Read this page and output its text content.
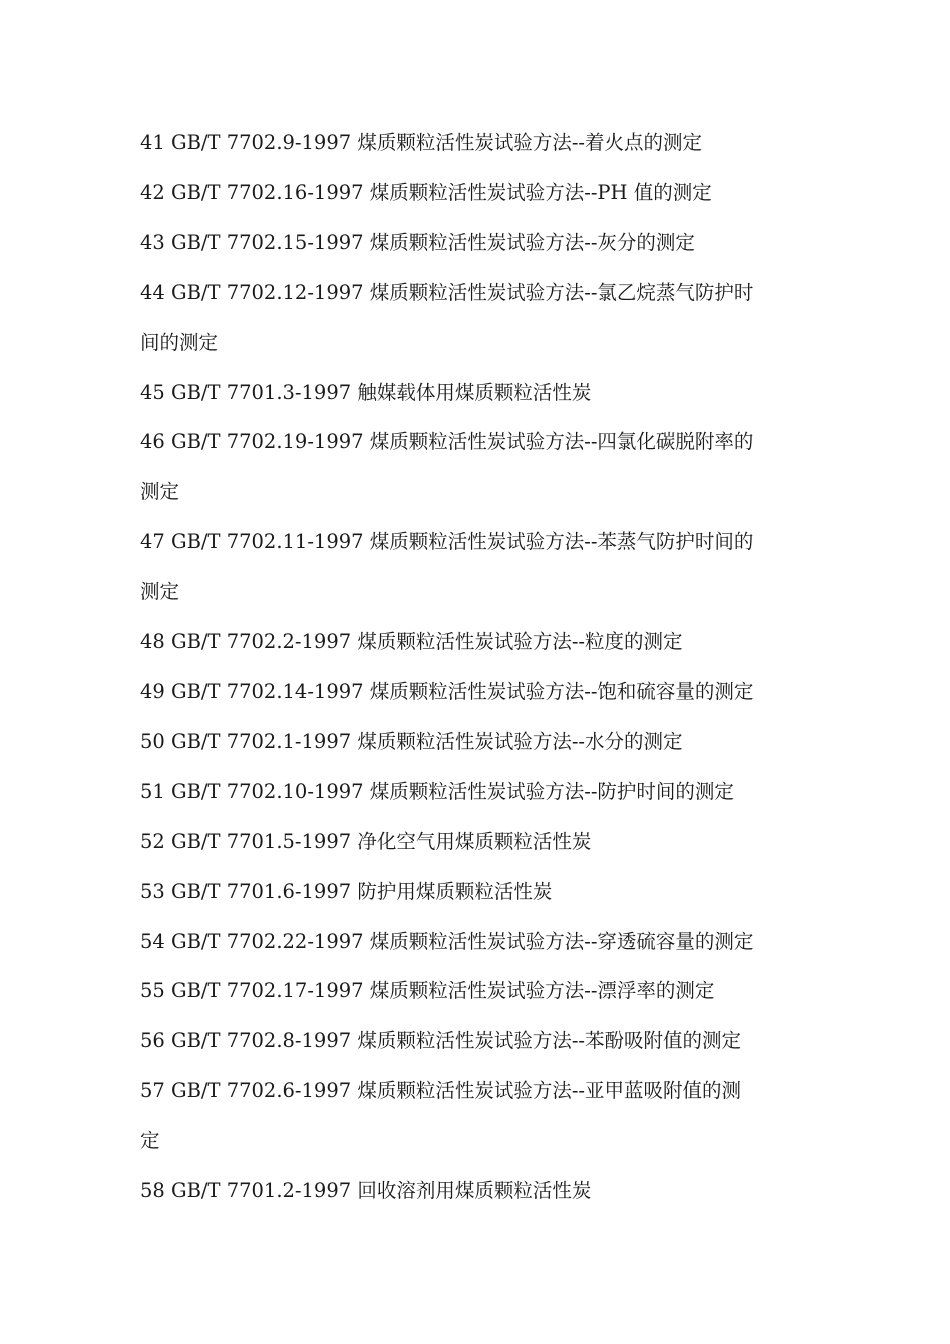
41 GB/T 7702.9-1997 煤质颗粒活性炭试验方法--着火点的测定
42 GB/T 7702.16-1997 煤质颗粒活性炭试验方法--PH 值的测定
43 GB/T 7702.15-1997 煤质颗粒活性炭试验方法--灰分的测定
44 GB/T 7702.12-1997 煤质颗粒活性炭试验方法--氯乙烷蒸气防护时
间的测定
45 GB/T 7701.3-1997 触媒载体用煤质颗粒活性炭
46 GB/T 7702.19-1997 煤质颗粒活性炭试验方法--四氯化碳脱附率的
测定
47 GB/T 7702.11-1997 煤质颗粒活性炭试验方法--苯蒸气防护时间的
测定
48 GB/T 7702.2-1997 煤质颗粒活性炭试验方法--粒度的测定
49 GB/T 7702.14-1997 煤质颗粒活性炭试验方法--饱和硫容量的测定
50 GB/T 7702.1-1997 煤质颗粒活性炭试验方法--水分的测定
51 GB/T 7702.10-1997 煤质颗粒活性炭试验方法--防护时间的测定
52 GB/T 7701.5-1997 净化空气用煤质颗粒活性炭
53 GB/T 7701.6-1997 防护用煤质颗粒活性炭
54 GB/T 7702.22-1997 煤质颗粒活性炭试验方法--穿透硫容量的测定
55 GB/T 7702.17-1997 煤质颗粒活性炭试验方法--漂浮率的测定
56 GB/T 7702.8-1997 煤质颗粒活性炭试验方法--苯酚吸附值的测定
57 GB/T 7702.6-1997 煤质颗粒活性炭试验方法--亚甲蓝吸附值的测
定
58 GB/T 7701.2-1997 回收溶剂用煤质颗粒活性炭
